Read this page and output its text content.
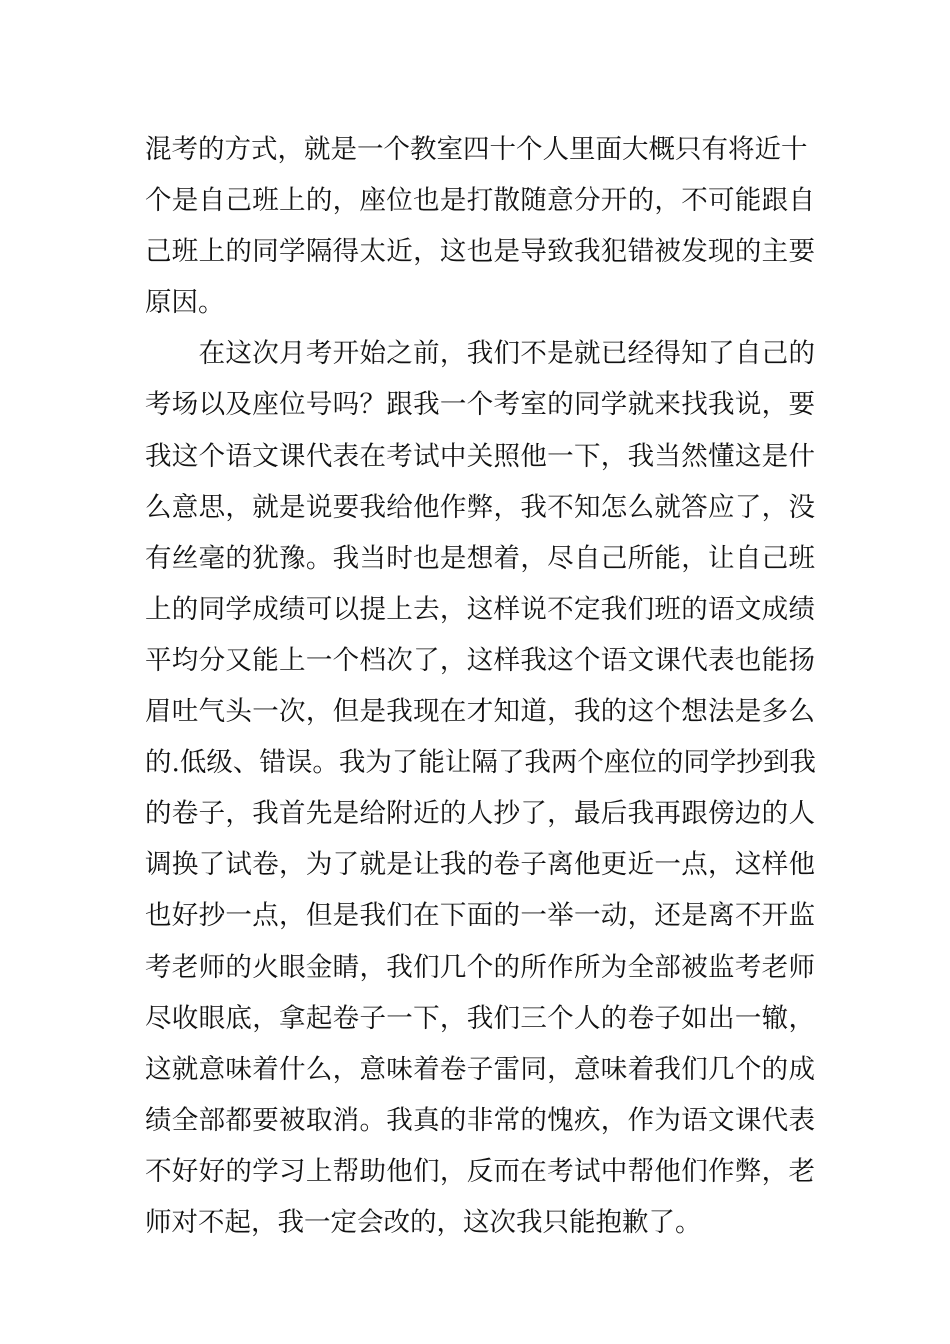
混考的方式，就是一个教室四十个人里面大概只有将近十
个是自己班上的，座位也是打散随意分开的，不可能跟自
己班上的同学隔得太近，这也是导致我犯错被发现的主要
原因。
　　在这次月考开始之前，我们不是就已经得知了自己的
考场以及座位号吗？跟我一个考室的同学就来找我说，要
我这个语文课代表在考试中关照他一下，我当然懂这是什
么意思，就是说要我给他作弊，我不知怎么就答应了，没
有丝毫的犹豫。我当时也是想着，尽自己所能，让自己班
上的同学成绩可以提上去，这样说不定我们班的语文成绩
平均分又能上一个档次了，这样我这个语文课代表也能扬
眉吐气头一次，但是我现在才知道，我的这个想法是多么
的.低级、错误。我为了能让隔了我两个座位的同学抄到我
的卷子，我首先是给附近的人抄了，最后我再跟傍边的人
调换了试卷，为了就是让我的卷子离他更近一点，这样他
也好抄一点，但是我们在下面的一举一动，还是离不开监
考老师的火眼金睛，我们几个的所作所为全部被监考老师
尽收眼底，拿起卷子一下，我们三个人的卷子如出一辙，
这就意味着什么，意味着卷子雷同，意味着我们几个的成
绩全部都要被取消。我真的非常的愧疚，作为语文课代表
不好好的学习上帮助他们，反而在考试中帮他们作弊，老
师对不起，我一定会改的，这次我只能抱歉了。
